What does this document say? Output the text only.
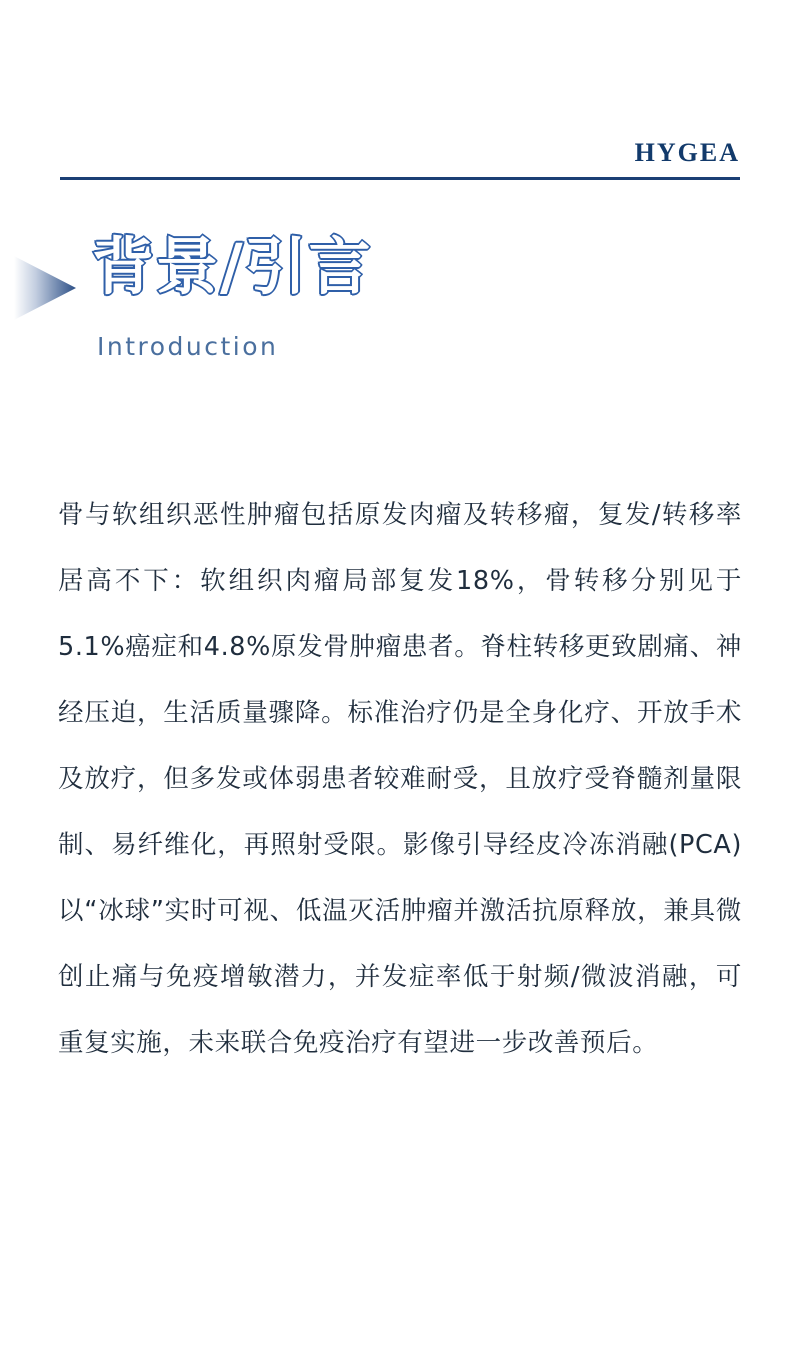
HYGEA
背景/引言
Introduction
骨与软组织恶性肿瘤包括原发肉瘤及转移瘤，复发/转移率居高不下：软组织肉瘤局部复发18%，骨转移分别见于5.1%癌症和4.8%原发骨肿瘤患者。脊柱转移更致剧痛、神经压迫，生活质量骤降。标准治疗仍是全身化疗、开放手术及放疗，但多发或体弱患者较难耐受，且放疗受脊髓剂量限制、易纤维化，再照射受限。影像引导经皮冷冻消融(PCA)以“冰球”实时可视、低温灭活肿瘤并激活抗原释放，兼具微创止痛与免疫增敏潜力，并发症率低于射频/微波消融，可重复实施，未来联合免疫治疗有望进一步改善预后。
